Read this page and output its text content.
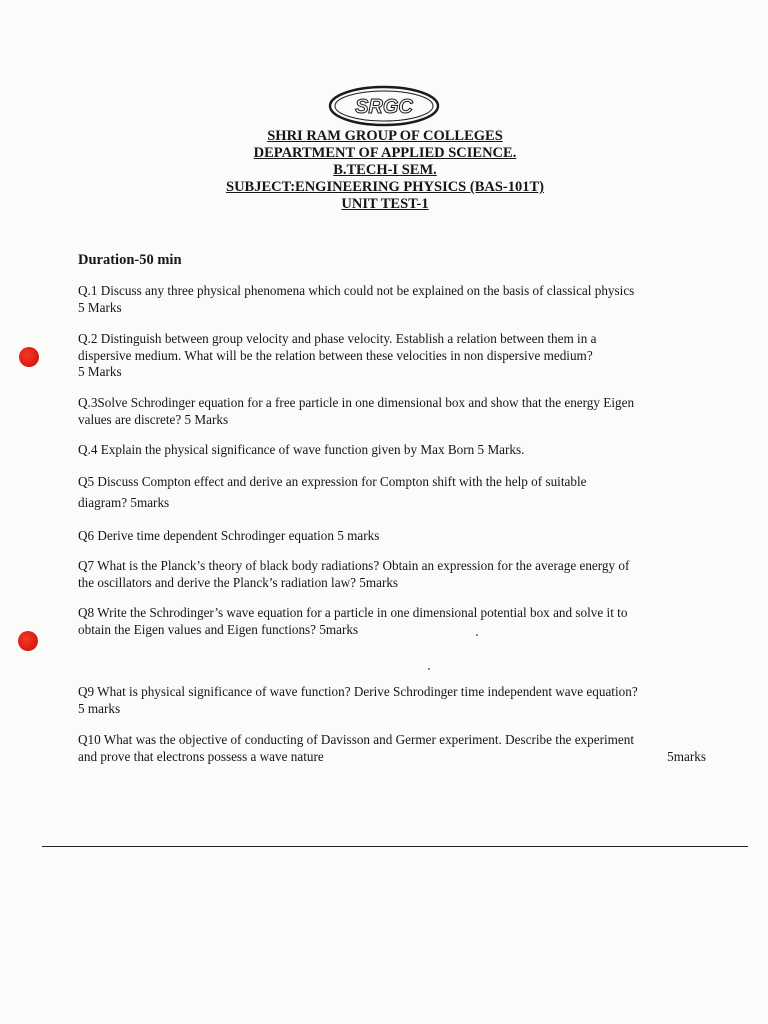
SRGC
SHRI RAM GROUP OF COLLEGES
DEPARTMENT OF APPLIED SCIENCE.
B.TECH-I SEM.
SUBJECT:ENGINEERING PHYSICS (BAS-101T)
UNIT TEST-1
Duration-50 min
Q.1 Discuss any three physical phenomena which could not be explained on the basis of classical physics
5 Marks
Q.2 Distinguish between group velocity and phase velocity. Establish a relation between them in a
dispersive medium. What will be the relation between these velocities in non dispersive medium?
5 Marks
Q.3Solve Schrodinger equation for a free particle in one dimensional box and show that the energy Eigen
values are discrete? 5 Marks
Q.4 Explain the physical significance of wave function given by Max Born 5 Marks.
Q5 Discuss Compton effect and derive an expression for Compton shift with the help of suitable
diagram? 5marks
Q6 Derive time dependent Schrodinger equation 5 marks
Q7 What is the Planck’s theory of black body radiations? Obtain an expression for the average energy of
the oscillators and derive the Planck’s radiation law? 5marks
Q8 Write the Schrodinger’s wave equation for a particle in one dimensional potential box and solve it to
obtain the Eigen values and Eigen functions? 5marks
Q9 What is physical significance of wave function? Derive Schrodinger time independent wave equation?
5 marks
Q10 What was the objective of conducting of Davisson and Germer experiment. Describe the experiment
5marks
and prove that electrons possess a wave nature
